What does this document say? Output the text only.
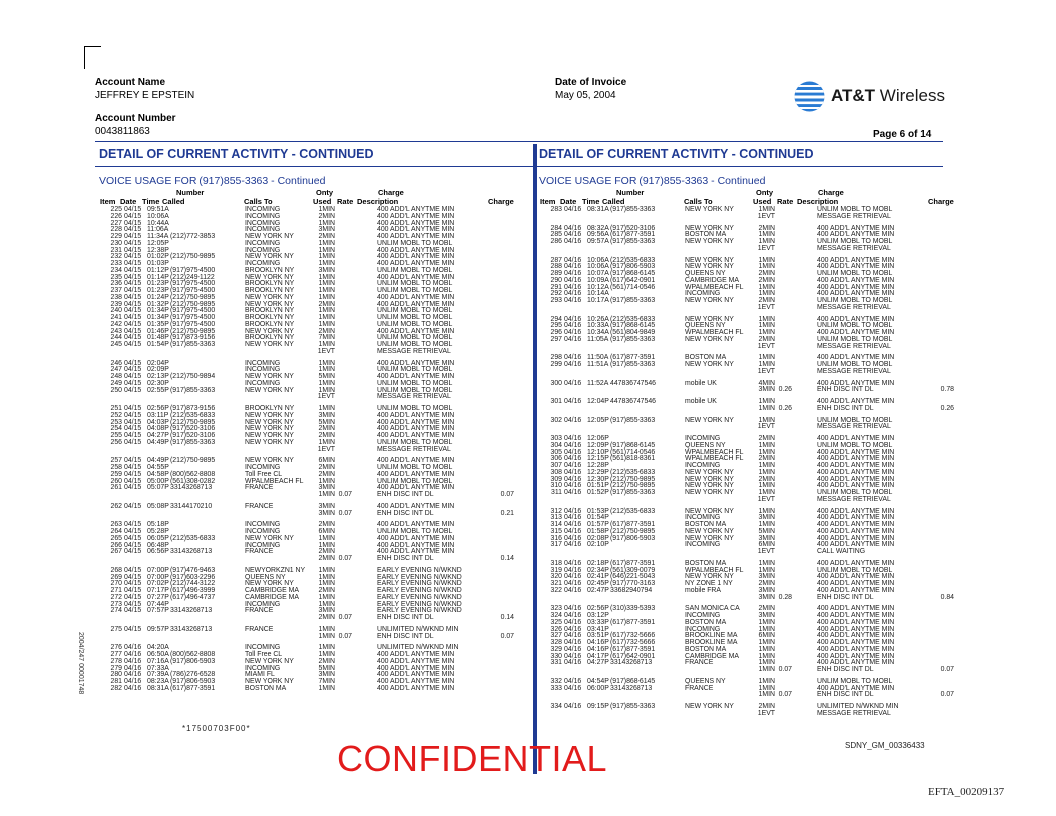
Account Name
JEFFREY E EPSTEIN
Account Number
0043811863
Date of Invoice
May 05, 2004	AT&T Wireless
Page 6 of 14
DETAIL OF CURRENT ACTIVITY - CONTINUED	DETAIL OF CURRENT ACTIVITY - CONTINUED
VOICE USAGE FOR (917)855-3363 - Continued	VOICE USAGE FOR (917)855-3363 - Continued
Number	Onty	Charge
Item Date Time Called	Calls To	Used Rate Description	Charge
Number	Onty	Charge
Item Date Time Called	Calls To	Used Rate Description	Charge
225 04/15 09:51A	INCOMING	1MIN	400 ADD'L ANYTME MIN
226 04/15 10:06A	INCOMING	2MIN	400 ADD'L ANYTME MIN
227 04/15 10:44A	INCOMING	1MIN	400 ADD'L ANYTME MIN
228 04/15 11:06A	INCOMING	3MIN	400 ADD'L ANYTME MIN
229 04/15 11:34A (212)772-3853	NEW YORK NY	2MIN	400 ADD'L ANYTME MIN
230 04/15 12:05P	INCOMING	1MIN	UNLIM MOBL TO MOBL
231 04/15 12:38P	INCOMING	1MIN	400 ADD'L ANYTME MIN
232 04/15 01:02P (212)750-9895	NEW YORK NY	1MIN	400 ADD'L ANYTME MIN
233 04/15 01:03P	INCOMING	1MIN	400 ADD'L ANYTME MIN
234 04/15 01:12P (917)975-4500	BROOKLYN NY	3MIN	UNLIM MOBL TO MOBL
235 04/15 01:14P (212)249-1122	NEW YORK NY	1MIN	400 ADD'L ANYTME MIN
236 04/15 01:23P (917)975-4500	BROOKLYN NY	1MIN	UNLIM MOBL TO MOBL
237 04/15 01:23P (917)975-4500	BROOKLYN NY	1MIN	UNLIM MOBL TO MOBL
238 04/15 01:24P (212)750-9895	NEW YORK NY	1MIN	400 ADD'L ANYTME MIN
239 04/15 01:32P (212)750-9895	NEW YORK NY	2MIN	400 ADD'L ANYTME MIN
240 04/15 01:34P (917)975-4500	BROOKLYN NY	1MIN	UNLIM MOBL TO MOBL
241 04/15 01:34P (917)975-4500	BROOKLYN NY	1MIN	UNLIM MOBL TO MOBL
242 04/15 01:35P (917)975-4500	BROOKLYN NY	1MIN	UNLIM MOBL TO MOBL
243 04/15 01:46P (212)750-9895	NEW YORK NY	2MIN	400 ADD'L ANYTME MIN
244 04/15 01:48P (917)873-9156	BROOKLYN NY	7MIN	UNLIM MOBL TO MOBL
245 04/15 01:54P (917)855-3363	NEW YORK NY	1MIN	UNLIM MOBL TO MOBL
1EVT	MESSAGE RETRIEVAL
246 04/15 02:04P	INCOMING	1MIN	400 ADD'L ANYTME MIN
247 04/15 02:09P	INCOMING	1MIN	UNLIM MOBL TO MOBL
248 04/15 02:13P (212)750-9894	NEW YORK NY	5MIN	400 ADD'L ANYTME MIN
249 04/15 02:30P	INCOMING	1MIN	UNLIM MOBL TO MOBL
250 04/15 02:55P (917)855-3363	NEW YORK NY	1MIN	UNLIM MOBL TO MOBL
1EVT	MESSAGE RETRIEVAL
251 04/15 02:56P (917)873-9156	BROOKLYN NY	1MIN	UNLIM MOBL TO MOBL
252 04/15 03:11P (212)535-6833	NEW YORK NY	3MIN	400 ADD'L ANYTME MIN
253 04/15 04:03P (212)750-9895	NEW YORK NY	5MIN	400 ADD'L ANYTME MIN
254 04/15 04:08P (917)520-3106	NEW YORK NY	2MIN	400 ADD'L ANYTME MIN
255 04/15 04:27P (917)520-3106	NEW YORK NY	2MIN	400 ADD'L ANYTME MIN
256 04/15 04:49P (917)855-3363	NEW YORK NY	1MIN	UNLIM MOBL TO MOBL
1EVT	MESSAGE RETRIEVAL
257 04/15 04:49P (212)750-9895	NEW YORK NY	6MIN	400 ADD'L ANYTME MIN
258 04/15 04:55P	INCOMING	2MIN	UNLIM MOBL TO MOBL
259 04/15 04:58P (800)562-8808	Toll Free CL	2MIN	400 ADD'L ANYTME MIN
260 04/15 05:00P (561)308-0282	WPALMBEACH FL	1MIN	UNLIM MOBL TO MOBL
261 04/15 05:07P 33143268713	FRANCE	3MIN	400 ADD'L ANYTME MIN
1MIN 0.07	ENH DISC INT DL	0.07
262 04/15 05:08P 33144170210	FRANCE	3MIN	400 ADD'L ANYTME MIN
3MIN 0.07	ENH DISC INT DL	0.21
263 04/15 05:18P	INCOMING	2MIN	400 ADD'L ANYTME MIN
264 04/15 05:28P	INCOMING	6MIN	UNLIM MOBL TO MOBL
265 04/15 06:05P (212)535-6833	NEW YORK NY	1MIN	400 ADD'L ANYTME MIN
266 04/15 06:48P	INCOMING	1MIN	400 ADD'L ANYTME MIN
267 04/15 06:56P 33143268713	FRANCE	2MIN	400 ADD'L ANYTME MIN
2MIN 0.07	ENH DISC INT DL	0.14
268 04/15 07:00P (917)476-9463	NEWYORKZN1 NY	1MIN	EARLY EVENING N/WKND
269 04/15 07:00P (917)603-2296	QUEENS NY	1MIN	EARLY EVENING N/WKND
270 04/15 07:02P (212)744-3122	NEW YORK NY	1MIN	EARLY EVENING N/WKND
271 04/15 07:17P (617)496-3999	CAMBRIDGE MA	2MIN	EARLY EVENING N/WKND
272 04/15 07:27P (617)496-4737	CAMBRIDGE MA	1MIN	EARLY EVENING N/WKND
273 04/15 07:44P	INCOMING	1MIN	EARLY EVENING N/WKND
274 04/15 07:57P 33143268713	FRANCE	3MIN	EARLY EVENING N/WKND
2MIN 0.07	ENH DISC INT DL	0.14
275 04/15 09:57P 33143268713	FRANCE	1MIN	UNLIMITED N/WKND MIN
1MIN 0.07	ENH DISC INT DL	0.07
276 04/16 04:20A	INCOMING	1MIN	UNLIMITED N/WKND MIN
277 04/16 06:50A (800)562-8808	Toll Free CL	1MIN	400 ADD'L ANYTME MIN
278 04/16 07:16A (917)806-5903	NEW YORK NY	2MIN	400 ADD'L ANYTME MIN
279 04/16 07:33A	INCOMING	5MIN	400 ADD'L ANYTME MIN
280 04/16 07:39A (786)276-6528	MIAMI FL	3MIN	400 ADD'L ANYTME MIN
281 04/16 08:23A (917)806-5903	NEW YORK NY	7MIN	400 ADD'L ANYTME MIN
282 04/16 08:31A (617)877-3591	BOSTON MA	1MIN	400 ADD'L ANYTME MIN
283 04/16 08:31A (917)855-3363	NEW YORK NY	1MIN	UNLIM MOBL TO MOBL
1EVT	MESSAGE RETRIEVAL
284 04/16 08:32A (917)520-3106	NEW YORK NY	2MIN	400 ADD'L ANYTME MIN
285 04/16 09:56A (617)877-3591	BOSTON MA	1MIN	400 ADD'L ANYTME MIN
286 04/16 09:57A (917)855-3363	NEW YORK NY	1MIN	UNLIM MOBL TO MOBL
1EVT	MESSAGE RETRIEVAL
287 04/16 10:06A (212)535-6833	NEW YORK NY	1MIN	400 ADD'L ANYTME MIN
288 04/16 10:06A (917)806-5903	NEW YORK NY	1MIN	400 ADD'L ANYTME MIN
289 04/16 10:07A (917)868-6145	QUEENS NY	2MIN	UNLIM MOBL TO MOBL
290 04/16 10:09A (617)642-0901	CAMBRIDGE MA	2MIN	400 ADD'L ANYTME MIN
291 04/16 10:12A (561)714-0546	WPALMBEACH FL	1MIN	400 ADD'L ANYTME MIN
292 04/16 10:14A	INCOMING	1MIN	400 ADD'L ANYTME MIN
293 04/16 10:17A (917)855-3363	NEW YORK NY	2MIN	UNLIM MOBL TO MOBL
1EVT	MESSAGE RETRIEVAL
294 04/16 10:26A (212)535-6833	NEW YORK NY	1MIN	400 ADD'L ANYTME MIN
295 04/16 10:33A (917)868-6145	QUEENS NY	1MIN	UNLIM MOBL TO MOBL
296 04/16 10:34A (561)804-9849	WPALMBEACH FL	1MIN	400 ADD'L ANYTME MIN
297 04/16 11:05A (917)855-3363	NEW YORK NY	2MIN	UNLIM MOBL TO MOBL
1EVT	MESSAGE RETRIEVAL
298 04/16 11:50A (617)877-3591	BOSTON MA	1MIN	400 ADD'L ANYTME MIN
299 04/16 11:51A (917)855-3363	NEW YORK NY	1MIN	UNLIM MOBL TO MOBL
1EVT	MESSAGE RETRIEVAL
300 04/16 11:52A 447836747546	mobile UK	4MIN	400 ADD'L ANYTME MIN
3MIN 0.26	ENH DISC INT DL	0.78
301 04/16 12:04P 447836747546	mobile UK	1MIN	400 ADD'L ANYTME MIN
1MIN 0.26	ENH DISC INT DL	0.26
302 04/16 12:05P (917)855-3363	NEW YORK NY	1MIN	UNLIM MOBL TO MOBL
1EVT	MESSAGE RETRIEVAL
303 04/16 12:06P	INCOMING	2MIN	400 ADD'L ANYTME MIN
304 04/16 12:09P (917)868-6145	QUEENS NY	1MIN	UNLIM MOBL TO MOBL
305 04/16 12:10P (561)714-0546	WPALMBEACH FL	1MIN	400 ADD'L ANYTME MIN
306 04/16 12:15P (561)818-8361	WPALMBEACH FL	2MIN	400 ADD'L ANYTME MIN
307 04/16 12:28P	INCOMING	1MIN	400 ADD'L ANYTME MIN
308 04/16 12:29P (212)535-6833	NEW YORK NY	1MIN	400 ADD'L ANYTME MIN
309 04/16 12:30P (212)750-9895	NEW YORK NY	2MIN	400 ADD'L ANYTME MIN
310 04/16 01:51P (212)750-9895	NEW YORK NY	1MIN	400 ADD'L ANYTME MIN
311 04/16 01:52P (917)855-3363	NEW YORK NY	1MIN	UNLIM MOBL TO MOBL
1EVT	MESSAGE RETRIEVAL
312 04/16 01:53P (212)535-6833	NEW YORK NY	1MIN	400 ADD'L ANYTME MIN
313 04/16 01:54P	INCOMING	3MIN	400 ADD'L ANYTME MIN
314 04/16 01:57P (617)877-3591	BOSTON MA	1MIN	400 ADD'L ANYTME MIN
315 04/16 01:58P (212)750-9895	NEW YORK NY	5MIN	400 ADD'L ANYTME MIN
316 04/16 02:08P (917)806-5903	NEW YORK NY	3MIN	400 ADD'L ANYTME MIN
317 04/16 02:10P	INCOMING	6MIN	400 ADD'L ANYTME MIN
1EVT	CALL WAITING
318 04/16 02:18P (617)877-3591	BOSTON MA	1MIN	400 ADD'L ANYTME MIN
319 04/16 02:34P (561)309-0079	WPALMBEACH FL	1MIN	UNLIM MOBL TO MOBL
320 04/16 02:41P (646)221-5043	NEW YORK NY	3MIN	400 ADD'L ANYTME MIN
321 04/16 02:45P (917)770-3163	NY ZONE 1 NY	2MIN	400 ADD'L ANYTME MIN
322 04/16 02:47P 33682940794	mobile FRA	3MIN	400 ADD'L ANYTME MIN
3MIN 0.28	ENH DISC INT DL	0.84
323 04/16 02:56P (310)339-5393	SAN MONICA CA	2MIN	400 ADD'L ANYTME MIN
324 04/16 03:12P	INCOMING	3MIN	400 ADD'L ANYTME MIN
325 04/16 03:33P (617)877-3591	BOSTON MA	1MIN	400 ADD'L ANYTME MIN
326 04/16 03:41P	INCOMING	1MIN	400 ADD'L ANYTME MIN
327 04/16 03:51P (617)732-5666	BROOKLINE MA	6MIN	400 ADD'L ANYTME MIN
328 04/16 04:16P (617)732-5666	BROOKLINE MA	1MIN	400 ADD'L ANYTME MIN
329 04/16 04:16P (617)877-3591	BOSTON MA	1MIN	400 ADD'L ANYTME MIN
330 04/16 04:17P (617)642-0901	CAMBRIDGE MA	1MIN	400 ADD'L ANYTME MIN
331 04/16 04:27P 33143268713	FRANCE	1MIN	400 ADD'L ANYTME MIN
1MIN 0.07	ENH DISC INT DL	0.07
332 04/16 04:54P (917)868-6145	QUEENS NY	1MIN	UNLIM MOBL TO MOBL
333 04/16 06:00P 33143268713	FRANCE	1MIN	400 ADD'L ANYTME MIN
1MIN 0.07	ENH DISC INT DL	0.07
334 04/16 09:15P (917)855-3363	NEW YORK NY	2MIN	UNLIMITED N/WKND MIN
1EVT	MESSAGE RETRIEVAL
*17500703F00*
CONFIDENTIAL	SDNY_GM_00336433
EFTA_00209137
2004/247 00001748
